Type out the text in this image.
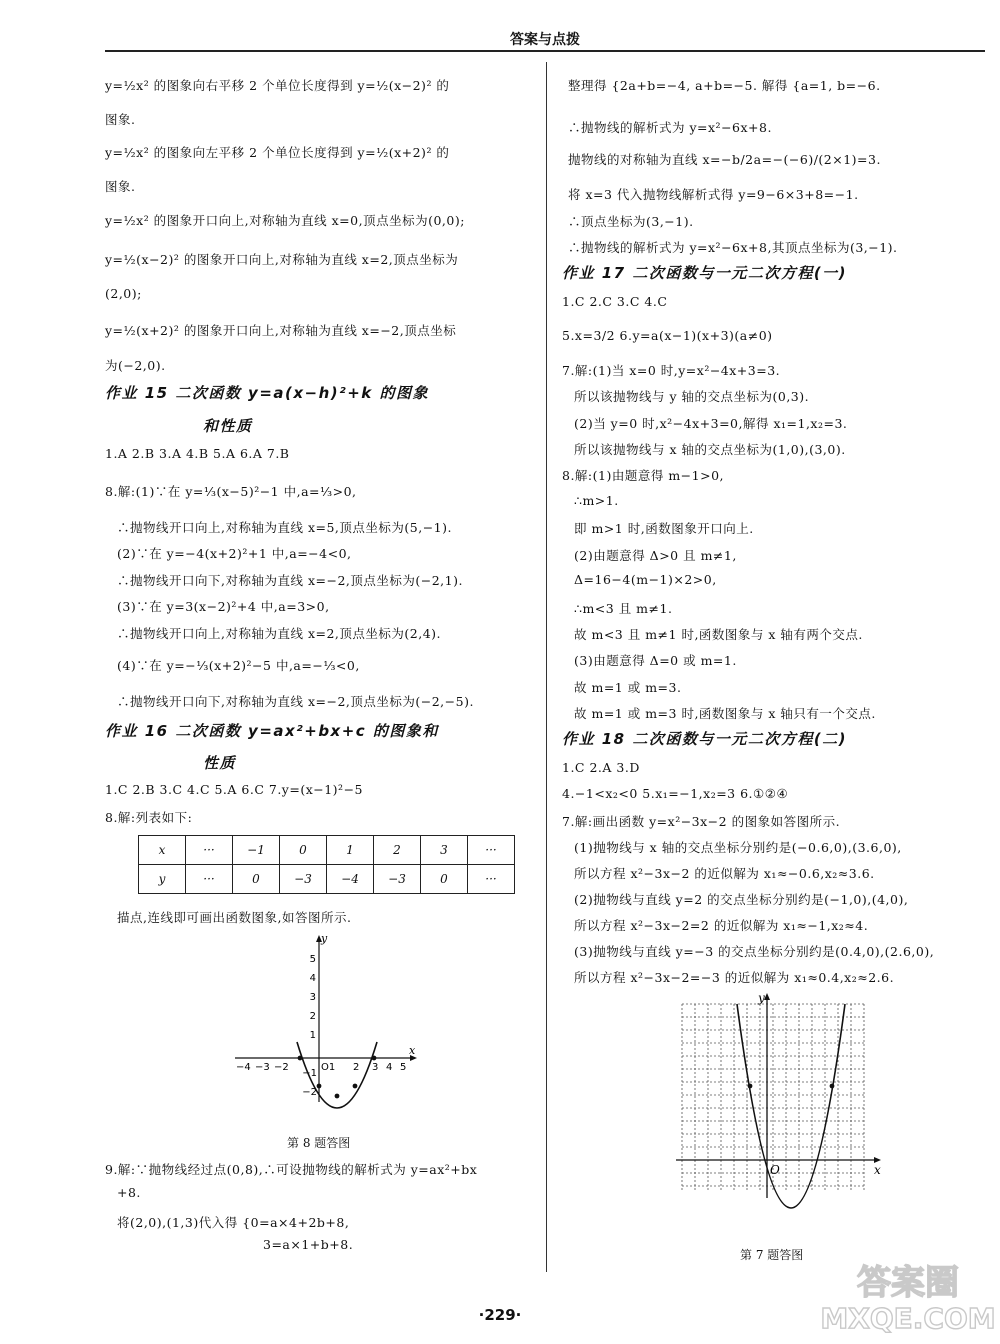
答案与点拨
y=½x² 的图象向右平移 2 个单位长度得到 y=½(x−2)² 的
图象.
y=½x² 的图象向左平移 2 个单位长度得到 y=½(x+2)² 的
图象.
y=½x² 的图象开口向上,对称轴为直线 x=0,顶点坐标为(0,0);
y=½(x−2)² 的图象开口向上,对称轴为直线 x=2,顶点坐标为
(2,0);
y=½(x+2)² 的图象开口向上,对称轴为直线 x=−2,顶点坐标
为(−2,0).
作业 15 二次函数 y=a(x−h)²+k 的图象
和性质
1.A 2.B 3.A 4.B 5.A 6.A 7.B
8.解:(1)∵在 y=⅓(x−5)²−1 中,a=⅓>0,
∴抛物线开口向上,对称轴为直线 x=5,顶点坐标为(5,−1).
(2)∵在 y=−4(x+2)²+1 中,a=−4<0,
∴抛物线开口向下,对称轴为直线 x=−2,顶点坐标为(−2,1).
(3)∵在 y=3(x−2)²+4 中,a=3>0,
∴抛物线开口向上,对称轴为直线 x=2,顶点坐标为(2,4).
(4)∵在 y=−⅓(x+2)²−5 中,a=−⅓<0,
∴抛物线开口向下,对称轴为直线 x=−2,顶点坐标为(−2,−5).
作业 16 二次函数 y=ax²+bx+c 的图象和
性质
1.C 2.B 3.C 4.C 5.A 6.C 7.y=(x−1)²−5
8.解:列表如下:
x	···	−1	0	1	2	3	···
y	···	0	−3	−4	−3	0	···
描点,连线即可画出函数图象,如答图所示.
y
x
5
4
3
2
1
−1
−2
−4 −3 −2	O1 2 3 4 5
第 8 题答图
9.解:∵抛物线经过点(0,8),∴可设抛物线的解析式为 y=ax²+bx
+8.
将(2,0),(1,3)代入得 {0=a×4+2b+8,
3=a×1+b+8.
整理得 {2a+b=−4, a+b=−5. 解得 {a=1, b=−6.
∴抛物线的解析式为 y=x²−6x+8.
抛物线的对称轴为直线 x=−b/2a=−(−6)/(2×1)=3.
将 x=3 代入抛物线解析式得 y=9−6×3+8=−1.
∴顶点坐标为(3,−1).
∴抛物线的解析式为 y=x²−6x+8,其顶点坐标为(3,−1).
作业 17 二次函数与一元二次方程(一)
1.C 2.C 3.C 4.C
5.x=3/2 6.y=a(x−1)(x+3)(a≠0)
7.解:(1)当 x=0 时,y=x²−4x+3=3.
所以该抛物线与 y 轴的交点坐标为(0,3).
(2)当 y=0 时,x²−4x+3=0,解得 x₁=1,x₂=3.
所以该抛物线与 x 轴的交点坐标为(1,0),(3,0).
8.解:(1)由题意得 m−1>0,
∴m>1.
即 m>1 时,函数图象开口向上.
(2)由题意得 Δ>0 且 m≠1,
Δ=16−4(m−1)×2>0,
∴m<3 且 m≠1.
故 m<3 且 m≠1 时,函数图象与 x 轴有两个交点.
(3)由题意得 Δ=0 或 m=1.
故 m=1 或 m=3.
故 m=1 或 m=3 时,函数图象与 x 轴只有一个交点.
作业 18 二次函数与一元二次方程(二)
1.C 2.A 3.D
4.−1<x₂<0 5.x₁=−1,x₂=3 6.①②④
7.解:画出函数 y=x²−3x−2 的图象如答图所示.
(1)抛物线与 x 轴的交点坐标分别约是(−0.6,0),(3.6,0),
所以方程 x²−3x−2 的近似解为 x₁≈−0.6,x₂≈3.6.
(2)抛物线与直线 y=2 的交点坐标分别约是(−1,0),(4,0),
所以方程 x²−3x−2=2 的近似解为 x₁≈−1,x₂≈4.
(3)抛物线与直线 y=−3 的交点坐标分别约是(0.4,0),(2.6,0),
所以方程 x²−3x−2=−3 的近似解为 x₁≈0.4,x₂≈2.6.
y
x
O
第 7 题答图
·229·
答案圈
MXQE.COM
